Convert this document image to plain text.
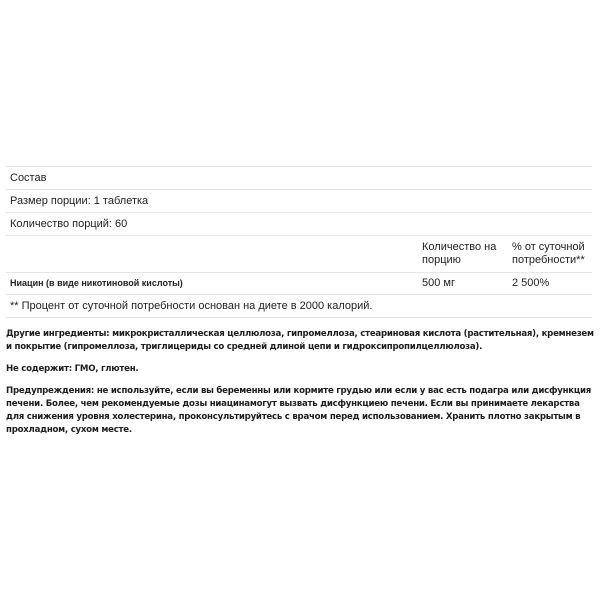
Состав		
Размер порции: 1 таблетка		
Количество порций: 60		
	Количество на порцию	% от суточной потребности**
Ниацин (в виде никотиновой кислоты)	500 мг	2 500%
** Процент от суточной потребности основан на диете в 2000 калорий.		

Другие ингредиенты: микрокристаллическая целлюлоза, гипромеллоза, стеариновая кислота (растительная), кремнезем и покрытие (гипромеллоза, триглицериды со средней длиной цепи и гидроксипропилцеллюлоза).

Не содержит: ГМО, глютен.

Предупреждения: не используйте, если вы беременны или кормите грудью или если у вас есть подагра или дисфункция печени. Более, чем рекомендуемые дозы ниацинамогут вызвать дисфункциею печени. Если вы принимаете лекарства для снижения уровня холестерина, проконсультируйтесь с врачом перед использованием. Хранить плотно закрытым в прохладном, сухом месте.
